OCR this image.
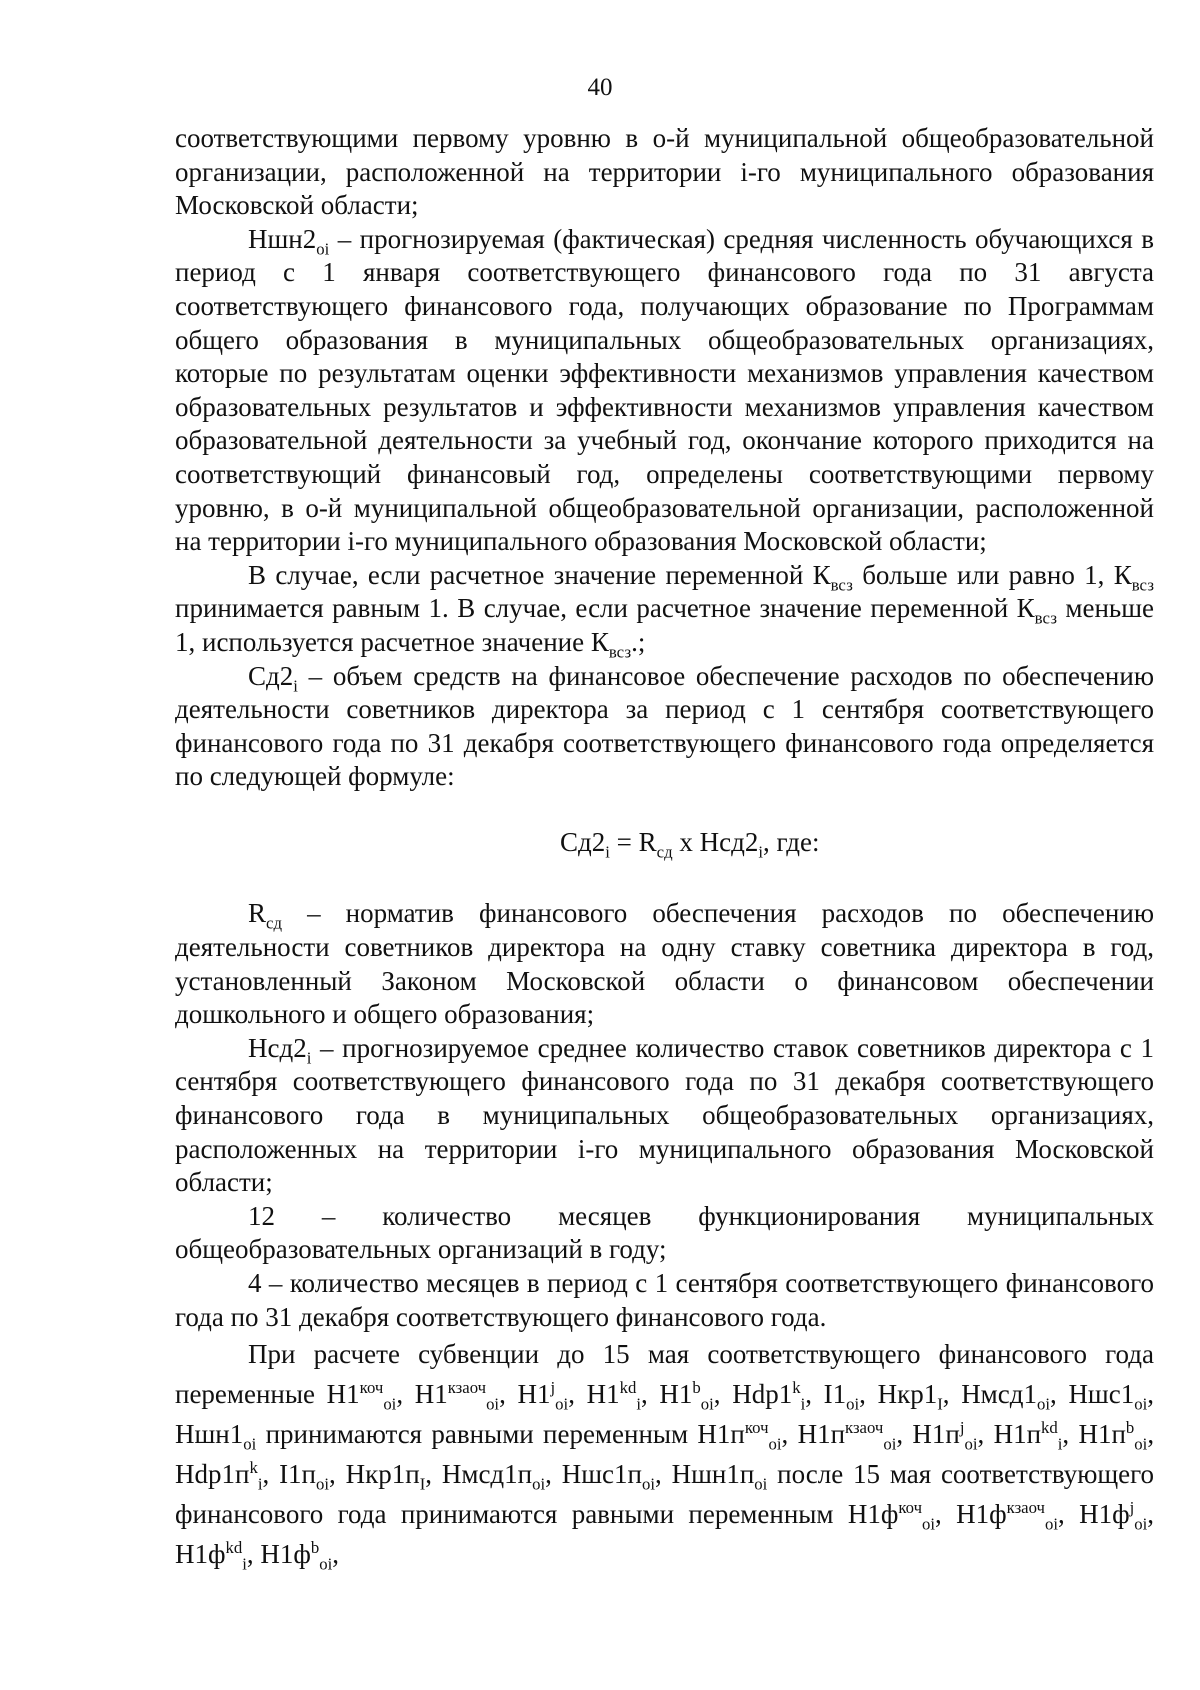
40

соответствующими первому уровню в о-й муниципальной общеобразовательной организации, расположенной на территории i-го муниципального образования Московской области;

$Ншн2_{oi}$ – прогнозируемая (фактическая) средняя численность обучающихся в период с 1 января соответствующего финансового года по 31 августа соответствующего финансового года, получающих образование по Программам общего образования в муниципальных общеобразовательных организациях, которые по результатам оценки эффективности механизмов управления качеством образовательных результатов и эффективности механизмов управления качеством образовательной деятельности за учебный год, окончание которого приходится на соответствующий финансовый год, определены соответствующими первому уровню, в о-й муниципальной общеобразовательной организации, расположенной на территории i-го муниципального образования Московской области;

В случае, если расчетное значение переменной $К_{всз}$ больше или равно 1, $К_{всз}$ принимается равным 1. В случае, если расчетное значение переменной $К_{всз}$ меньше 1, используется расчетное значение $К_{всз}$.;

$Сд2_i$ – объем средств на финансовое обеспечение расходов по обеспечению деятельности советников директора за период с 1 сентября соответствующего финансового года по 31 декабря соответствующего финансового года определяется по следующей формуле:

$Сд2_i = R_{сд}$ х $Нсд2_i$, где:

$R_{сд}$ – норматив финансового обеспечения расходов по обеспечению деятельности советников директора на одну ставку советника директора в год, установленный Законом Московской области о финансовом обеспечении дошкольного и общего образования;

$Нсд2_i$ – прогнозируемое среднее количество ставок советников директора с 1 сентября соответствующего финансового года по 31 декабря соответствующего финансового года в муниципальных общеобразовательных организациях, расположенных на территории i-го муниципального образования Московской области;

12 – количество месяцев функционирования муниципальных общеобразовательных организаций в году;

4 – количество месяцев в период с 1 сентября соответствующего финансового года по 31 декабря соответствующего финансового года.

При расчете субвенции до 15 мая соответствующего финансового года переменные $Н1^{коч}_{oi}$, $Н1^{кзаоч}_{oi}$, $Н1^j_{oi}$, $Н1^{kd}_i$, $Н1^b_{oi}$, $Hdp1^k_i$, $I1_{oi}$, $Нкр1_I$, $Нмсд1_{oi}$, $Ншс1_{oi}$, $Ншн1_{oi}$ принимаются равными переменным $Н1п^{коч}_{oi}$, $Н1п^{кзаоч}_{oi}$, $Н1п^j_{oi}$, $Н1п^{kd}_i$, $Н1п^b_{oi}$, $Hdp1п^k_i$, $I1п_{oi}$, $Нкр1п_I$, $Нмсд1п_{oi}$, $Ншс1п_{oi}$, $Ншн1п_{oi}$ после 15 мая соответствующего финансового года принимаются равными переменным $Н1ф^{коч}_{oi}$, $Н1ф^{кзаоч}_{oi}$, $Н1ф^j_{oi}$, $Н1ф^{kd}_i$, $Н1ф^b_{oi}$,
